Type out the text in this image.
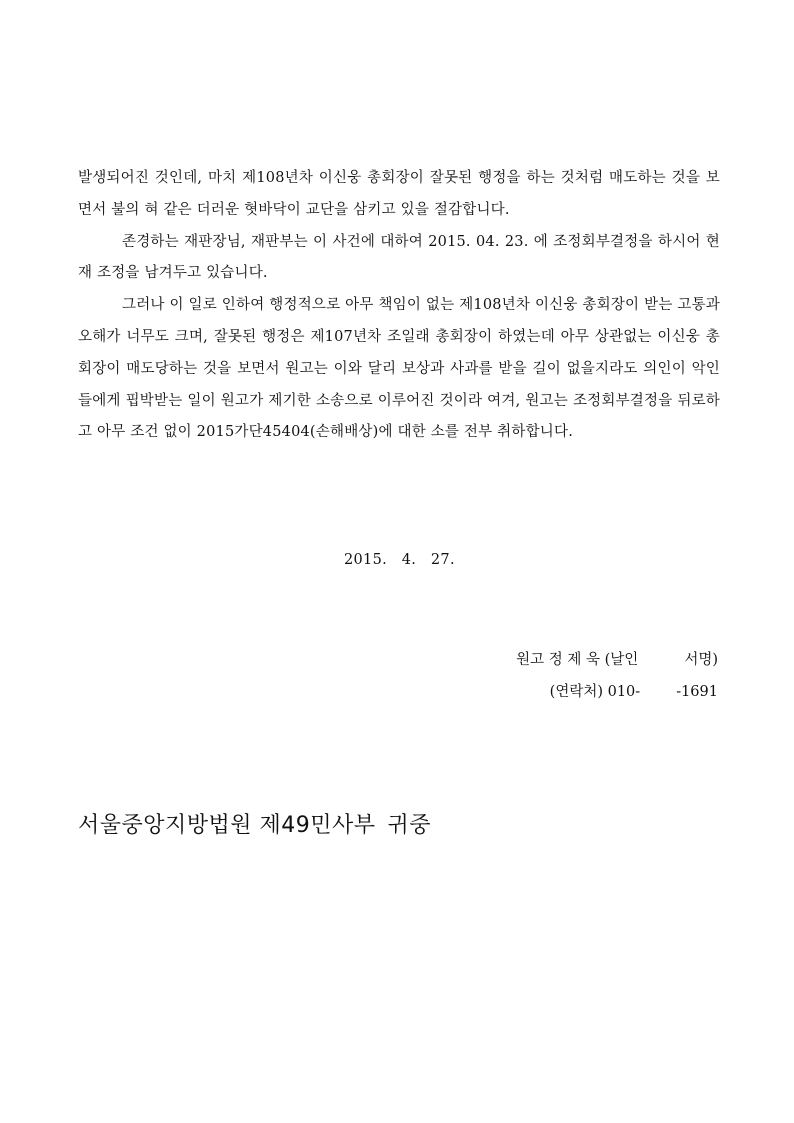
발생되어진 것인데, 마치 제108년차 이신웅 총회장이 잘못된 행정을 하는 것처럼 매도하는 것을 보면서 불의 혀 같은 더러운 혓바닥이 교단을 삼키고 있을 절감합니다.

존경하는 재판장님, 재판부는 이 사건에 대하여 2015. 04. 23. 에 조정회부결정을 하시어 현재 조정을 남겨두고 있습니다.

그러나 이 일로 인하여 행정적으로 아무 책임이 없는 제108년차 이신웅 총회장이 받는 고통과 오해가 너무도 크며, 잘못된 행정은 제107년차 조일래 총회장이 하였는데 아무 상관없는 이신웅 총회장이 매도당하는 것을 보면서 원고는 이와 달리 보상과 사과를 받을 길이 없을지라도 의인이 악인들에게 핍박받는 일이 원고가 제기한 소송으로 이루어진 것이라 여겨, 원고는 조정회부결정을 뒤로하고 아무 조건 없이 2015가단45404(손해배상)에 대한 소를 전부 취하합니다.

2015.   4.   27.
원고 정 제 욱 (날인	서명)
(연락처) 010- -1691
서울중앙지방법원 제49민사부 귀중
